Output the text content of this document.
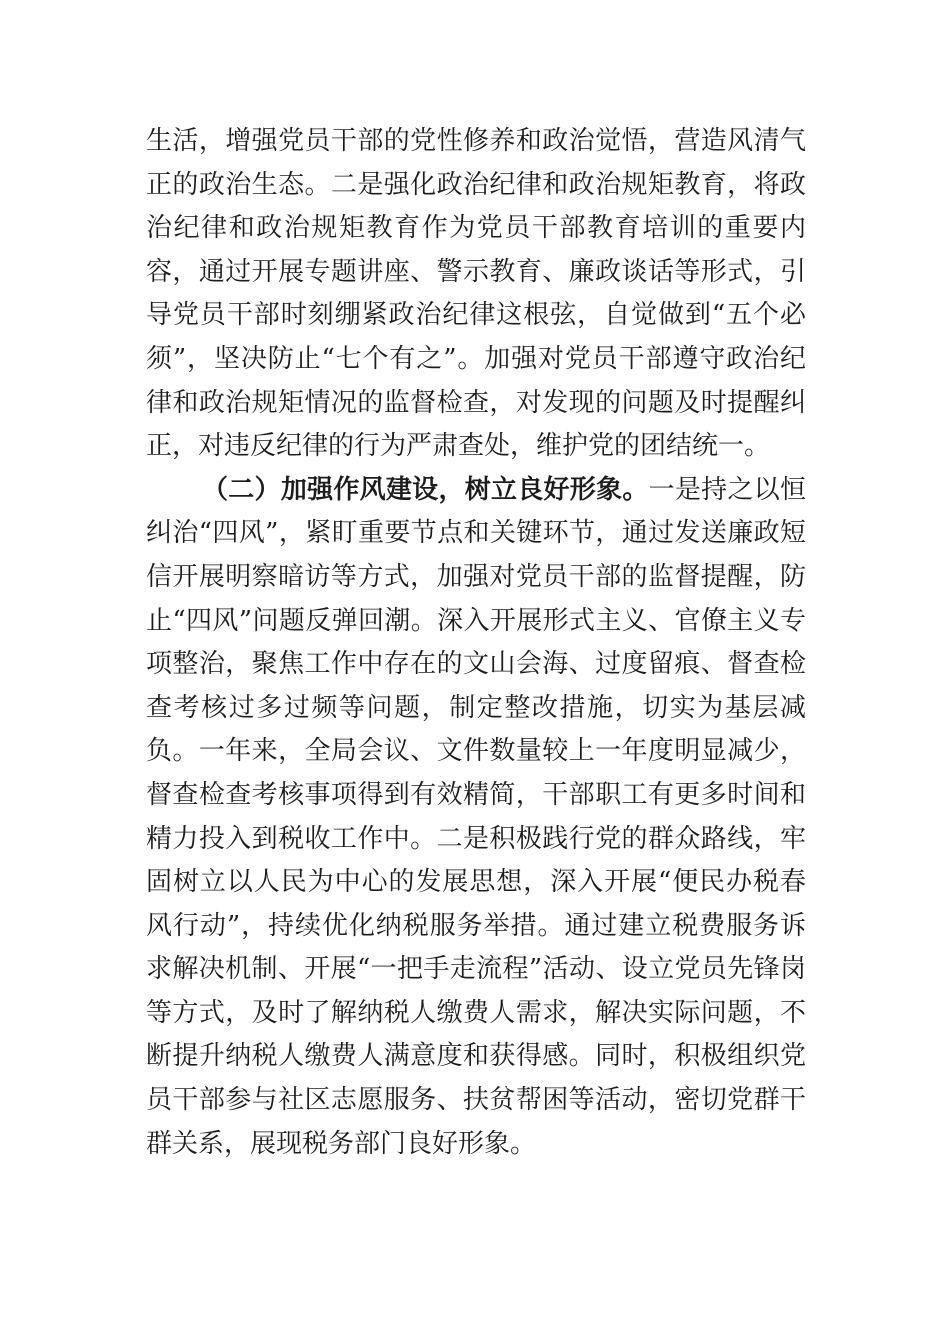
生活，增强党员干部的党性修养和政治觉悟，营造风清气正的政治生态。二是强化政治纪律和政治规矩教育，将政治纪律和政治规矩教育作为党员干部教育培训的重要内容，通过开展专题讲座、警示教育、廉政谈话等形式，引导党员干部时刻绷紧政治纪律这根弦，自觉做到“五个必须”，坚决防止“七个有之”。加强对党员干部遵守政治纪律和政治规矩情况的监督检查，对发现的问题及时提醒纠正，对违反纪律的行为严肃查处，维护党的团结统一。

（二）加强作风建设，树立良好形象。一是持之以恒纠治“四风”，紧盯重要节点和关键环节，通过发送廉政短信开展明察暗访等方式，加强对党员干部的监督提醒，防止“四风”问题反弹回潮。深入开展形式主义、官僚主义专项整治，聚焦工作中存在的文山会海、过度留痕、督查检查考核过多过频等问题，制定整改措施，切实为基层减负。一年来，全局会议、文件数量较上一年度明显减少，督查检查考核事项得到有效精简，干部职工有更多时间和精力投入到税收工作中。二是积极践行党的群众路线，牢固树立以人民为中心的发展思想，深入开展“便民办税春风行动”，持续优化纳税服务举措。通过建立税费服务诉求解决机制、开展“一把手走流程”活动、设立党员先锋岗等方式，及时了解纳税人缴费人需求，解决实际问题，不断提升纳税人缴费人满意度和获得感。同时，积极组织党员干部参与社区志愿服务、扶贫帮困等活动，密切党群干群关系，展现税务部门良好形象。
